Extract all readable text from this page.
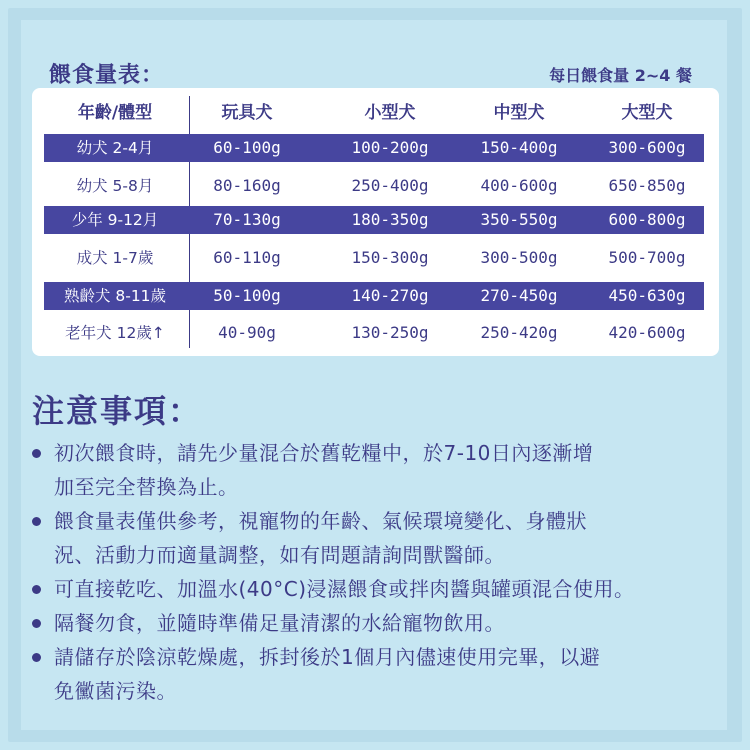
餵食量表：	每日餵食量 2~4 餐
年齡/體型	玩具犬	小型犬	中型犬	大型犬
幼犬 2-4月	60-100g	100-200g	150-400g	300-600g
幼犬 5-8月	80-160g	250-400g	400-600g	650-850g
少年 9-12月	70-130g	180-350g	350-550g	600-800g
成犬 1-7歲	60-110g	150-300g	300-500g	500-700g
熟齡犬 8-11歲	50-100g	140-270g	270-450g	450-630g
老年犬 12歲↑	40-90g	130-250g	250-420g	420-600g
注意事項：
初次餵食時，請先少量混合於舊乾糧中，於7-10日內逐漸增
加至完全替換為止。
餵食量表僅供參考，視寵物的年齡、氣候環境變化、身體狀
況、活動力而適量調整，如有問題請詢問獸醫師。
可直接乾吃、加溫水(40°C)浸濕餵食或拌肉醬與罐頭混合使用。
隔餐勿食，並隨時準備足量清潔的水給寵物飲用。
請儲存於陰涼乾燥處，拆封後於1個月內儘速使用完畢，以避
免黴菌污染。
